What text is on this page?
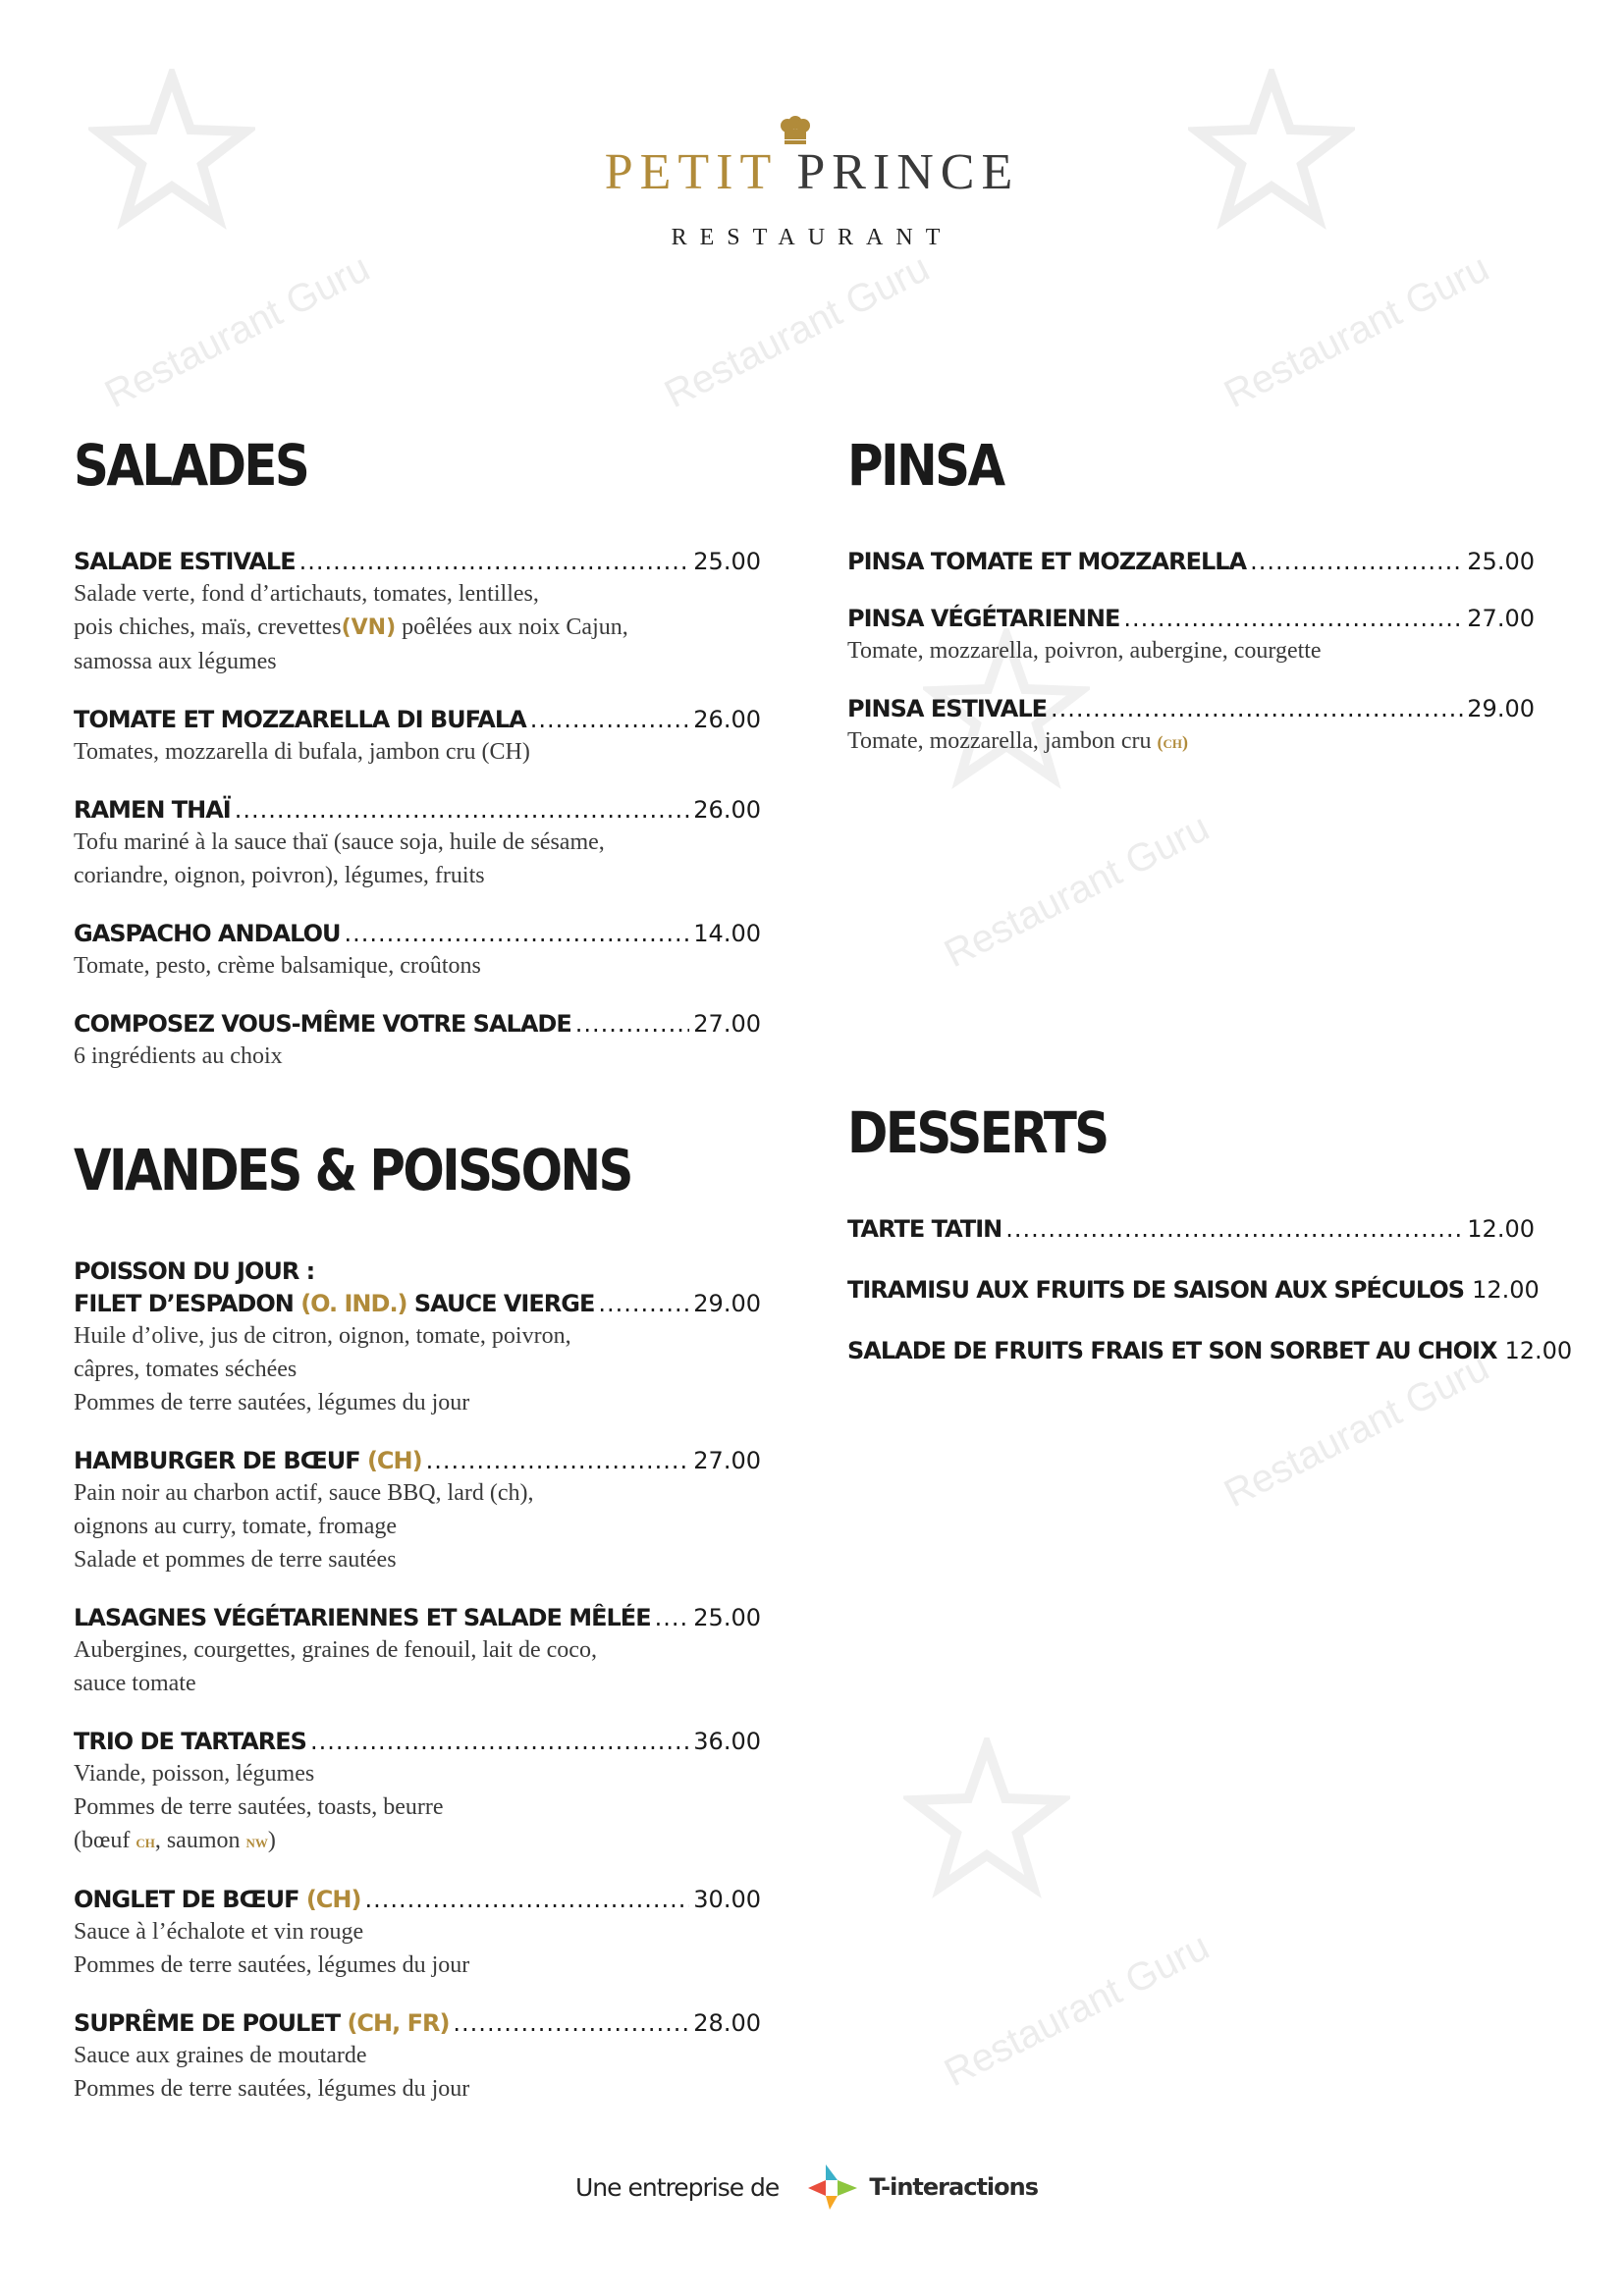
Restaurant Guru	Restaurant Guru
Restaurant Guru
Restaurant Guru
Restaurant Guru
Restaurant Guru
PETIT PRINCE
RESTAURANT
SALADES
SALADE ESTIVALE .....	25.00
Salade verte, fond d’artichauts, tomates, lentilles,
pois chiches, maïs, crevettes(VN) poêlées aux noix Cajun,
samossa aux légumes
TOMATE ET MOZZARELLA DI BUFALA .....	26.00
Tomates, mozzarella di bufala, jambon cru (CH)
RAMEN THAÏ .....	26.00
Tofu mariné à la sauce thaï (sauce soja, huile de sésame,
coriandre, oignon, poivron), légumes, fruits
GASPACHO ANDALOU .....	14.00
Tomate, pesto, crème balsamique, croûtons
COMPOSEZ VOUS-MÊME VOTRE SALADE .....	27.00
6 ingrédients au choix
VIANDES & POISSONS
POISSON DU JOUR :
FILET D’ESPADON (O. IND.) SAUCE VIERGE .....	29.00
Huile d’olive, jus de citron, oignon, tomate, poivron,
câpres, tomates séchées
Pommes de terre sautées, légumes du jour
HAMBURGER DE BŒUF (CH) .....	27.00
Pain noir au charbon actif, sauce BBQ, lard (ch),
oignons au curry, tomate, fromage
Salade et pommes de terre sautées
LASAGNES VÉGÉTARIENNES ET SALADE MÊLÉE ..... 25.00
Aubergines, courgettes, graines de fenouil, lait de coco,
sauce tomate
TRIO DE TARTARES .....	36.00
Viande, poisson, légumes
Pommes de terre sautées, toasts, beurre
(bœuf ch, saumon nw)
ONGLET DE BŒUF (CH) .....	30.00
Sauce à l’échalote et vin rouge
Pommes de terre sautées, légumes du jour
SUPRÊME DE POULET (CH, FR) .....	28.00
Sauce aux graines de moutarde
Pommes de terre sautées, légumes du jour
PINSA
PINSA TOMATE ET MOZZARELLA .....	25.00
PINSA VÉGÉTARIENNE .....	27.00
Tomate, mozzarella, poivron, aubergine, courgette
PINSA ESTIVALE .....	29.00
Tomate, mozzarella, jambon cru (ch)
DESSERTS
TARTE TATIN .....	12.00
TIRAMISU AUX FRUITS DE SAISON AUX SPÉCULOS 12.00
SALADE DE FRUITS FRAIS ET SON SORBET AU CHOIX 12.00
Une entreprise de	T-interactions
